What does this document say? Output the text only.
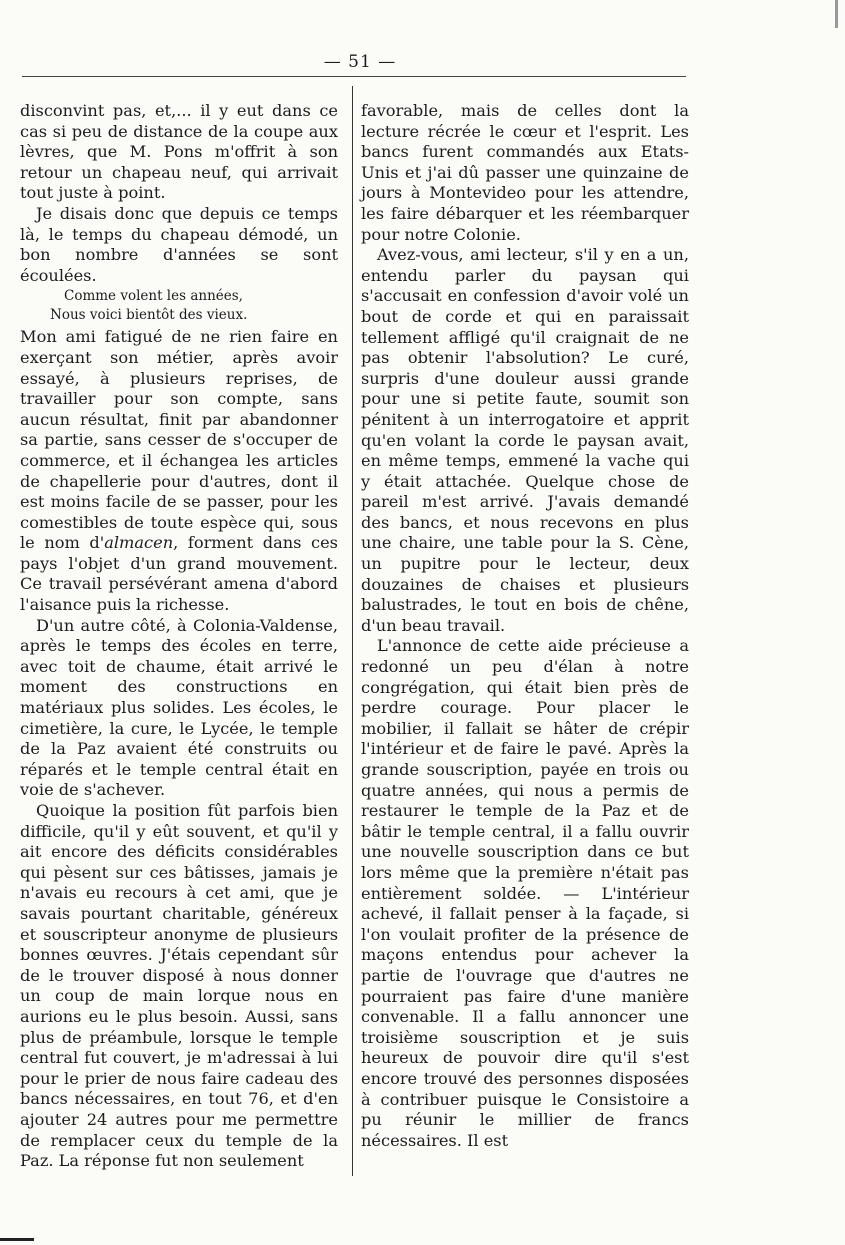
— 51 —

disconvint pas, et,... il y eut dans ce cas si peu de distance de la coupe aux lèvres, que M. Pons m'offrit à son retour un chapeau neuf, qui arrivait tout juste à point.

Je disais donc que depuis ce temps là, le temps du chapeau démodé, un bon nombre d'années se sont écoulées.

Comme volent les années,
Nous voici bientôt des vieux.

Mon ami fatigué de ne rien faire en exerçant son métier, après avoir essayé, à plusieurs reprises, de travailler pour son compte, sans aucun résultat, finit par abandonner sa partie, sans cesser de s'occuper de commerce, et il échangea les articles de chapellerie pour d'autres, dont il est moins facile de se passer, pour les comestibles de toute espèce qui, sous le nom d'almacen, forment dans ces pays l'objet d'un grand mouvement. Ce travail persévérant amena d'abord l'aisance puis la richesse.

D'un autre côté, à Colonia-Valdense, après le temps des écoles en terre, avec toit de chaume, était arrivé le moment des constructions en matériaux plus solides. Les écoles, le cimetière, la cure, le Lycée, le temple de la Paz avaient été construits ou réparés et le temple central était en voie de s'achever.

Quoique la position fût parfois bien difficile, qu'il y eût souvent, et qu'il y ait encore des déficits considérables qui pèsent sur ces bâtisses, jamais je n'avais eu recours à cet ami, que je savais pourtant charitable, généreux et souscripteur anonyme de plusieurs bonnes œuvres. J'étais cependant sûr de le trouver disposé à nous donner un coup de main lorque nous en aurions eu le plus besoin. Aussi, sans plus de préambule, lorsque le temple central fut couvert, je m'adressai à lui pour le prier de nous faire cadeau des bancs nécessaires, en tout 76, et d'en ajouter 24 autres pour me permettre de remplacer ceux du temple de la Paz. La réponse fut non seulement

favorable, mais de celles dont la lecture récrée le cœur et l'esprit. Les bancs furent commandés aux Etats-Unis et j'ai dû passer une quinzaine de jours à Montevideo pour les attendre, les faire débarquer et les réembarquer pour notre Colonie.

Avez-vous, ami lecteur, s'il y en a un, entendu parler du paysan qui s'accusait en confession d'avoir volé un bout de corde et qui en paraissait tellement affligé qu'il craignait de ne pas obtenir l'absolution? Le curé, surpris d'une douleur aussi grande pour une si petite faute, soumit son pénitent à un interrogatoire et apprit qu'en volant la corde le paysan avait, en même temps, emmené la vache qui y était attachée. Quelque chose de pareil m'est arrivé. J'avais demandé des bancs, et nous recevons en plus une chaire, une table pour la S. Cène, un pupitre pour le lecteur, deux douzaines de chaises et plusieurs balustrades, le tout en bois de chêne, d'un beau travail.

L'annonce de cette aide précieuse a redonné un peu d'élan à notre congrégation, qui était bien près de perdre courage. Pour placer le mobilier, il fallait se hâter de crépir l'intérieur et de faire le pavé. Après la grande souscription, payée en trois ou quatre années, qui nous a permis de restaurer le temple de la Paz et de bâtir le temple central, il a fallu ouvrir une nouvelle souscription dans ce but lors même que la première n'était pas entièrement soldée. — L'intérieur achevé, il fallait penser à la façade, si l'on voulait profiter de la présence de maçons entendus pour achever la partie de l'ouvrage que d'autres ne pourraient pas faire d'une manière convenable. Il a fallu annoncer une troisième souscription et je suis heureux de pouvoir dire qu'il s'est encore trouvé des personnes disposées à contribuer puisque le Consistoire a pu réunir le millier de francs nécessaires. Il est
